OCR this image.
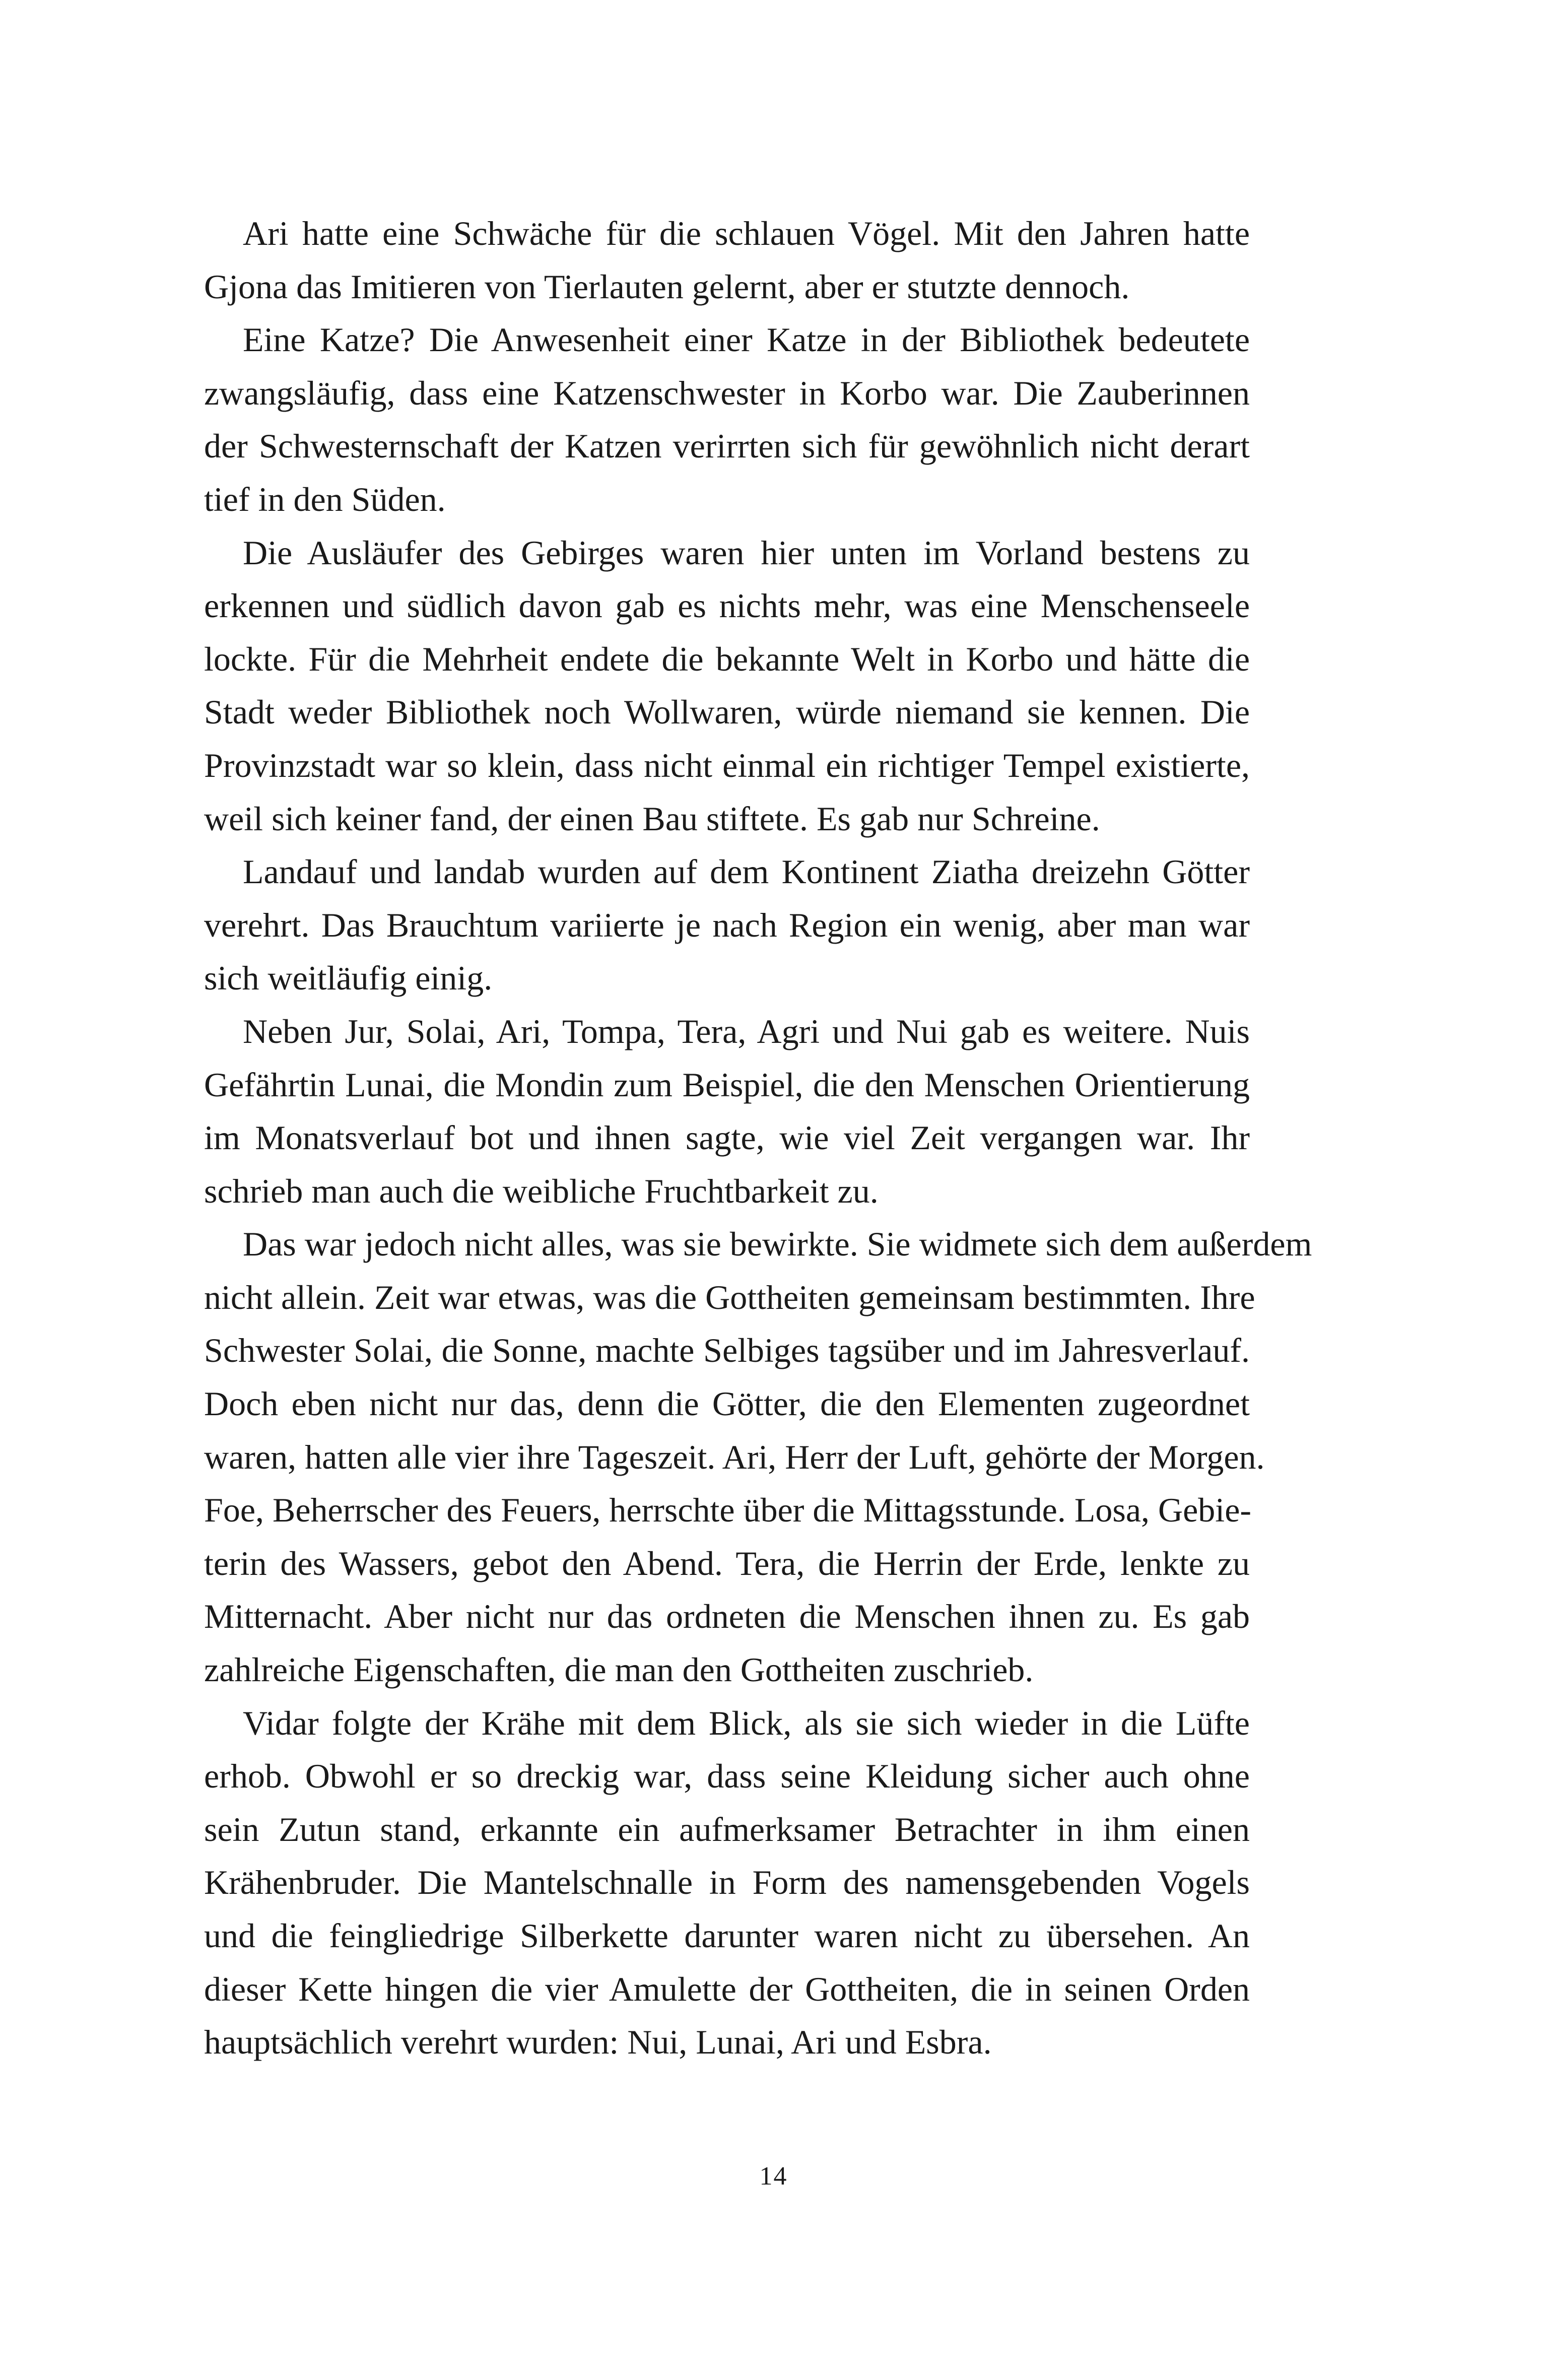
Ari hatte eine Schwäche für die schlauen Vögel. Mit den Jahren hatte
Gjona das Imitieren von Tierlauten gelernt, aber er stutzte dennoch.
Eine Katze? Die Anwesenheit einer Katze in der Bibliothek bedeutete
zwangsläufig, dass eine Katzenschwester in Korbo war. Die Zauberinnen
der Schwesternschaft der Katzen verirrten sich für gewöhnlich nicht derart
tief in den Süden.
Die Ausläufer des Gebirges waren hier unten im Vorland bestens zu
erkennen und südlich davon gab es nichts mehr, was eine Menschenseele
lockte. Für die Mehrheit endete die bekannte Welt in Korbo und hätte die
Stadt weder Bibliothek noch Wollwaren, würde niemand sie kennen. Die
Provinzstadt war so klein, dass nicht einmal ein richtiger Tempel existierte,
weil sich keiner fand, der einen Bau stiftete. Es gab nur Schreine.
Landauf und landab wurden auf dem Kontinent Ziatha dreizehn Götter
verehrt. Das Brauchtum variierte je nach Region ein wenig, aber man war
sich weitläufig einig.
Neben Jur, Solai, Ari, Tompa, Tera, Agri und Nui gab es weitere. Nuis
Gefährtin Lunai, die Mondin zum Beispiel, die den Menschen Orientierung
im Monatsverlauf bot und ihnen sagte, wie viel Zeit vergangen war. Ihr
schrieb man auch die weibliche Fruchtbarkeit zu.
Das war jedoch nicht alles, was sie bewirkte. Sie widmete sich dem außerdem
nicht allein. Zeit war etwas, was die Gottheiten gemeinsam bestimmten. Ihre
Schwester Solai, die Sonne, machte Selbiges tagsüber und im Jahresverlauf.
Doch eben nicht nur das, denn die Götter, die den Elementen zugeordnet
waren, hatten alle vier ihre Tageszeit. Ari, Herr der Luft, gehörte der Morgen.
Foe, Beherrscher des Feuers, herrschte über die Mittagsstunde. Losa, Gebie-
terin des Wassers, gebot den Abend. Tera, die Herrin der Erde, lenkte zu
Mitternacht. Aber nicht nur das ordneten die Menschen ihnen zu. Es gab
zahlreiche Eigenschaften, die man den Gottheiten zuschrieb.
Vidar folgte der Krähe mit dem Blick, als sie sich wieder in die Lüfte
erhob. Obwohl er so dreckig war, dass seine Kleidung sicher auch ohne
sein Zutun stand, erkannte ein aufmerksamer Betrachter in ihm einen
Krähenbruder. Die Mantelschnalle in Form des namensgebenden Vogels
und die feingliedrige Silberkette darunter waren nicht zu übersehen. An
dieser Kette hingen die vier Amulette der Gottheiten, die in seinen Orden
hauptsächlich verehrt wurden: Nui, Lunai, Ari und Esbra.
14
